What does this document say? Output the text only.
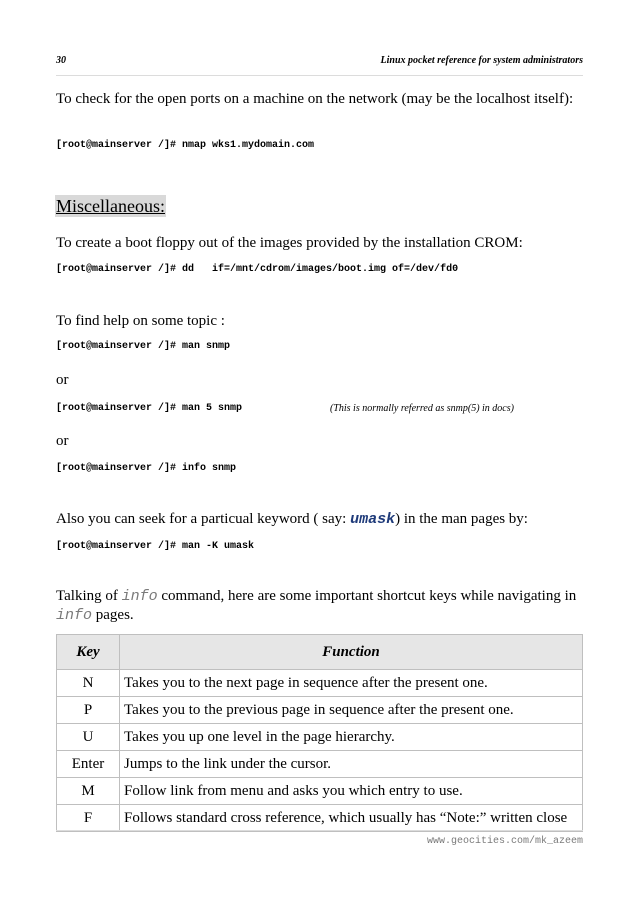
30	Linux pocket reference for system administrators
To check for the open ports on a machine on the network (may be the localhost itself):
[root@mainserver /]# nmap wks1.mydomain.com
Miscellaneous:
To create a boot floppy out of the images provided by the installation CROM:
[root@mainserver /]# dd   if=/mnt/cdrom/images/boot.img of=/dev/fd0
To find help on some topic :
[root@mainserver /]# man snmp
or
[root@mainserver /]# man 5 snmp	(This is normally referred as snmp(5) in docs)
or
[root@mainserver /]# info snmp
Also you can seek for a particual keyword ( say: umask) in the man pages by:
[root@mainserver /]# man -K umask
Talking of info command, here are some important shortcut keys while navigating in info pages.
Key	Function
N	Takes you to the next page in sequence after the present one.
P	Takes you to the previous page in sequence after the present one.
U	Takes you up one level in the page hierarchy.
Enter	Jumps to the link under the cursor.
M	Follow link from menu and asks you which entry to use.
F	Follows standard cross reference, which usually has “Note:” written close
www.geocities.com/mk_azeem
